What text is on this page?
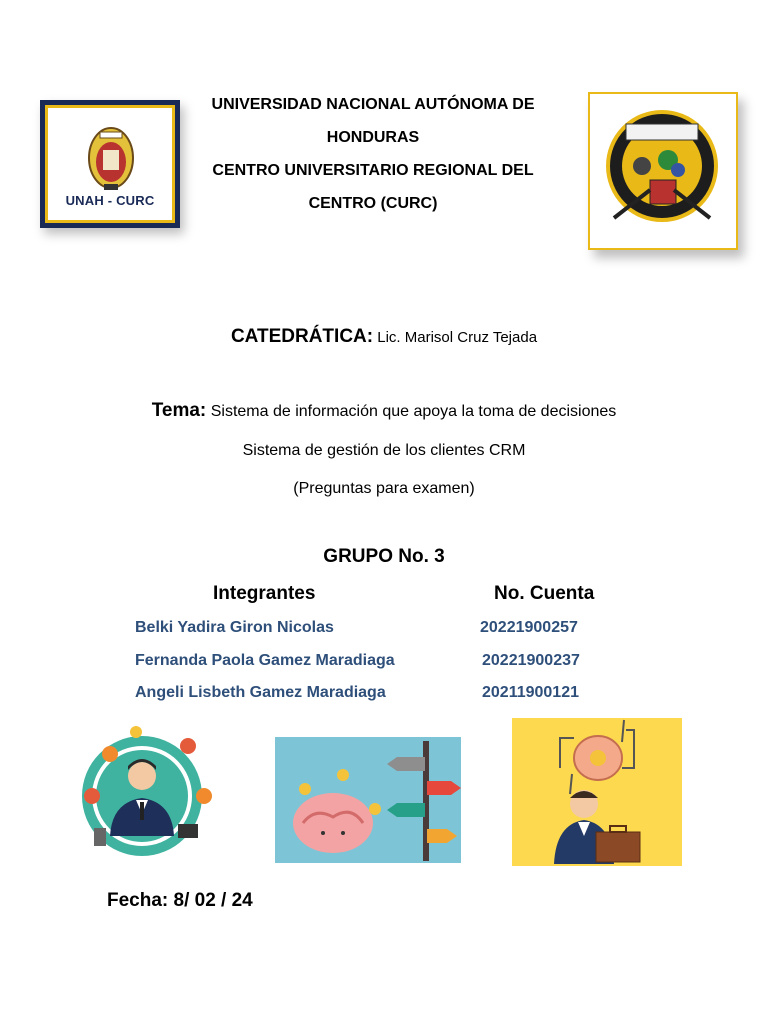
UNAH - CURC
UNIVERSIDAD NACIONAL AUTÓNOMA DE
HONDURAS
CENTRO UNIVERSITARIO REGIONAL DEL
CENTRO (CURC)
CATEDRÁTICA: Lic. Marisol Cruz Tejada
Tema: Sistema de información que apoya la toma de decisiones
Sistema de gestión de los clientes CRM
(Preguntas para examen)
GRUPO No. 3
Integrantes	No. Cuenta
Belki Yadira Giron Nicolas	20221900257
Fernanda Paola Gamez Maradiaga	20221900237
Angeli Lisbeth Gamez Maradiaga	20211900121
Fecha: 8/ 02 / 24
